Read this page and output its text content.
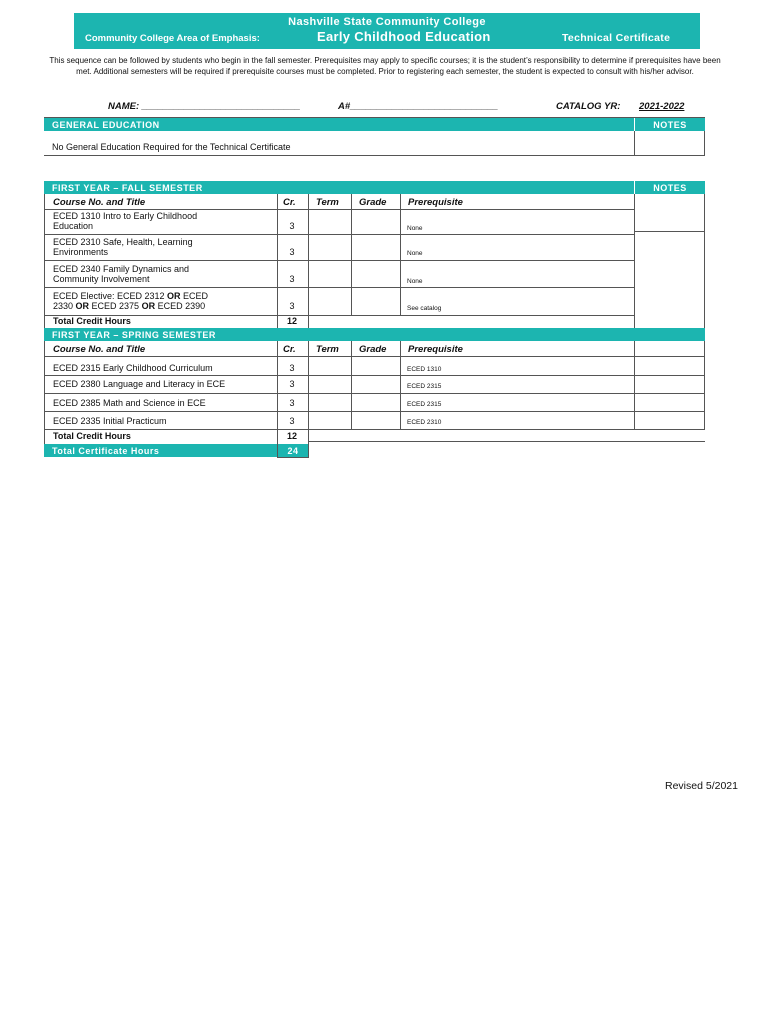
Nashville State Community College
Community College Area of Emphasis:	Early Childhood Education	Technical Certificate
This sequence can be followed by students who begin in the fall semester. Prerequisites may apply to specific courses; it is the student’s responsibility to determine if prerequisites have been met. Additional semesters will be required if prerequisite courses must be completed. Prior to registering each semester, the student is expected to consult with his/her advisor.
NAME: ______________________________	A#____________________________	CATALOG YR: 2021-2022
GENERAL EDUCATION	NOTES
No General Education Required for the Technical Certificate
FIRST YEAR – FALL SEMESTER	NOTES
Course No. and Title	Cr. Term Grade Prerequisite
ECED 1310 Intro to Early Childhood
Education	3	None
ECED 2310 Safe, Health, Learning
Environments	3	None
ECED 2340 Family Dynamics and
Community Involvement	3	None
ECED Elective: ECED 2312 OR ECED
2330 OR ECED 2375 OR ECED 2390	3	See catalog
Total Credit Hours	12
FIRST YEAR – SPRING SEMESTER
Course No. and Title	Cr. Term Grade Prerequisite
ECED 2315 Early Childhood Curriculum	3	ECED 1310
ECED 2380 Language and Literacy in ECE	3	ECED 2315
ECED 2385 Math and Science in ECE	3	ECED 2315
ECED 2335 Initial Practicum	3	ECED 2310
Total Credit Hours	12
Total Certificate Hours	24
Revised 5/2021
